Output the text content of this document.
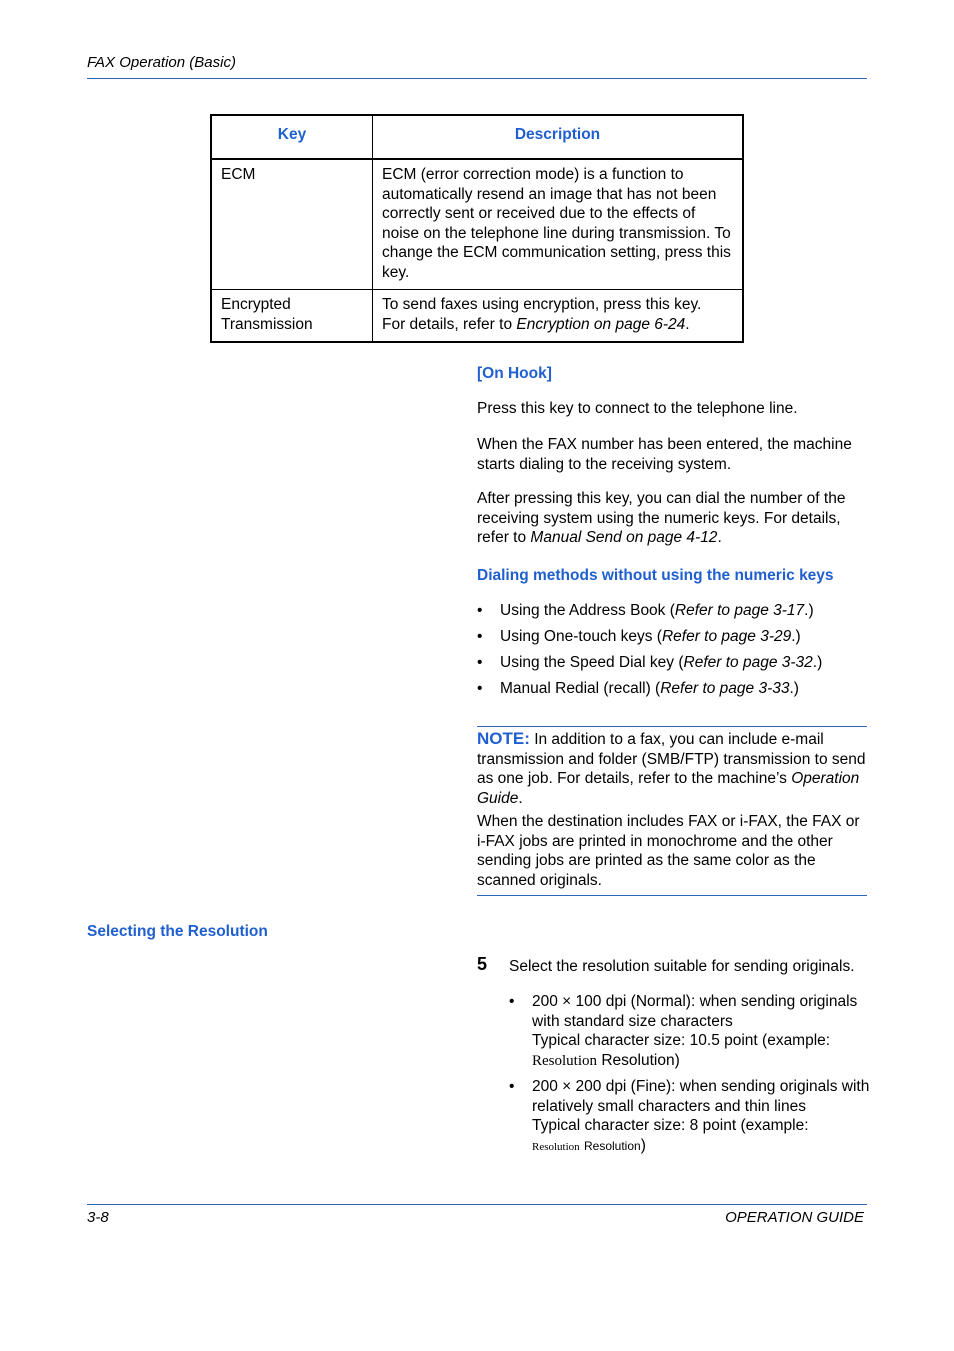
FAX Operation (Basic)
Key	Description
ECM	ECM (error correction mode) is a function to automatically resend an image that has not been correctly sent or received due to the effects of noise on the telephone line during transmission. To change the ECM communication setting, press this key.
Encrypted Transmission	To send faxes using encryption, press this key.
For details, refer to Encryption on page 6-24.
[On Hook]

Press this key to connect to the telephone line.

When the FAX number has been entered, the machine starts dialing to the receiving system.

After pressing this key, you can dial the number of the receiving system using the numeric keys. For details, refer to Manual Send on page 4-12.

Dialing methods without using the numeric keys
• Using the Address Book (Refer to page 3-17.)
• Using One-touch keys (Refer to page 3-29.)
• Using the Speed Dial key (Refer to page 3-32.)
• Manual Redial (recall) (Refer to page 3-33.)

NOTE: In addition to a fax, you can include e-mail transmission and folder (SMB/FTP) transmission to send as one job. For details, refer to the machine’s Operation Guide.

When the destination includes FAX or i-FAX, the FAX or i-FAX jobs are printed in monochrome and the other sending jobs are printed as the same color as the scanned originals.

Selecting the Resolution
5 Select the resolution suitable for sending originals.
• 200 × 100 dpi (Normal): when sending originals with standard size characters
Typical character size: 10.5 point (example:
Resolution Resolution)
• 200 × 200 dpi (Fine): when sending originals with relatively small characters and thin lines
Typical character size: 8 point (example:
Resolution Resolution)
3-8	OPERATION GUIDE
